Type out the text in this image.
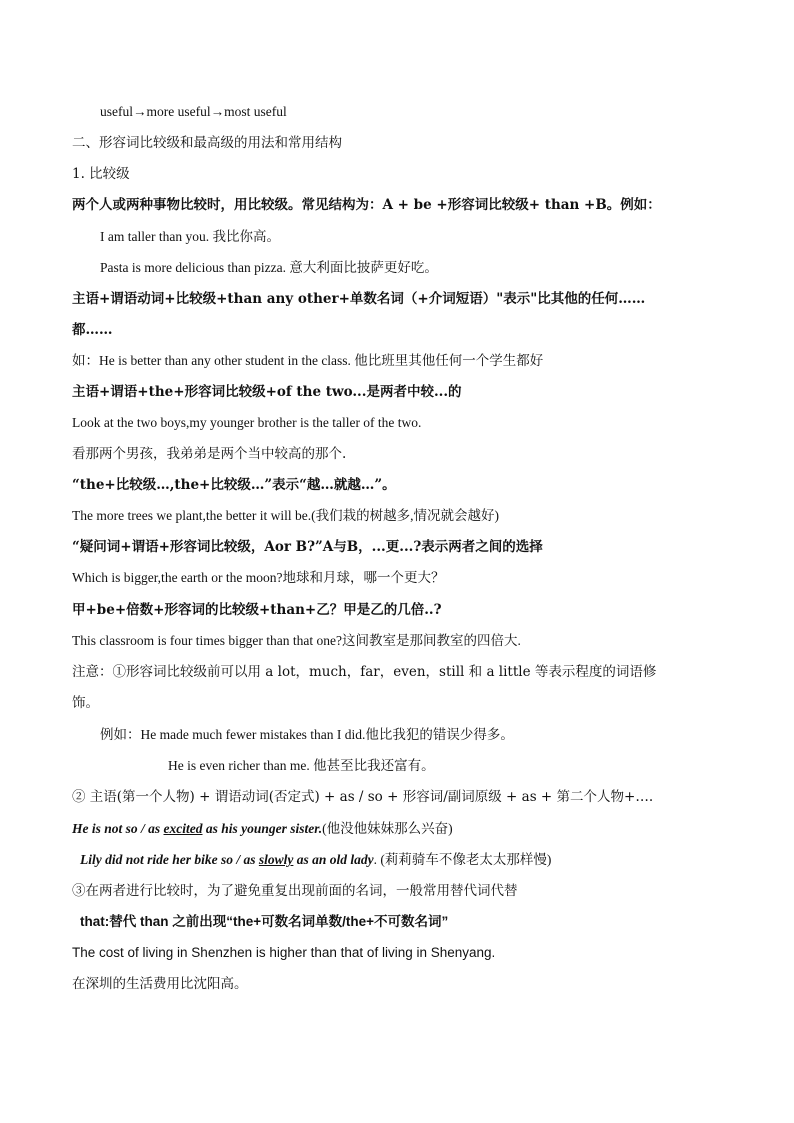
useful→more useful→most useful
二、形容词比较级和最高级的用法和常用结构
1. 比较级
两个人或两种事物比较时，用比较级。常见结构为：A + be +形容词比较级+ than +B。例如：
I am taller than you. 我比你高。
Pasta is more delicious than pizza. 意大利面比披萨更好吃。
主语+谓语动词+比较级+than any other+单数名词（+介词短语）"表示"比其他的任何……
都……
如：He is better than any other student in the class. 他比班里其他任何一个学生都好
主语+谓语+the+形容词比较级+of the two...是两者中较...的
Look at the two boys,my younger brother is the taller of the two.
看那两个男孩，我弟弟是两个当中较高的那个.
“the+比较级…,the+比较级…”表示“越…就越…”。
The more trees we plant,the better it will be.(我们栽的树越多,情况就会越好)
“疑问词+谓语+形容词比较级，Aor B?”A与B，...更...?表示两者之间的选择
Which is bigger,the earth or the moon?地球和月球，哪一个更大？
甲+be+倍数+形容词的比较级+than+乙？甲是乙的几倍..?
This classroom is four times bigger than that one?这间教室是那间教室的四倍大.
注意：①形容词比较级前可以用 a lot，much，far，even，still 和 a little 等表示程度的词语修
饰。
例如：He made much fewer mistakes than I did.他比我犯的错误少得多。
He is even richer than me. 他甚至比我还富有。
② 主语(第一个人物) + 谓语动词(否定式) + as / so + 形容词/副词原级 + as + 第二个人物+….
He is not so / as excited as his younger sister.(他没他妹妹那么兴奋)
Lily did not ride her bike so / as slowly as an old lady. (莉莉骑车不像老太太那样慢)
③在两者进行比较时，为了避免重复出现前面的名词，一般常用替代词代替
that:替代 than 之前出现“the+可数名词单数/the+不可数名词”
The cost of living in Shenzhen is higher than that of living in Shenyang.
在深圳的生活费用比沈阳高。
